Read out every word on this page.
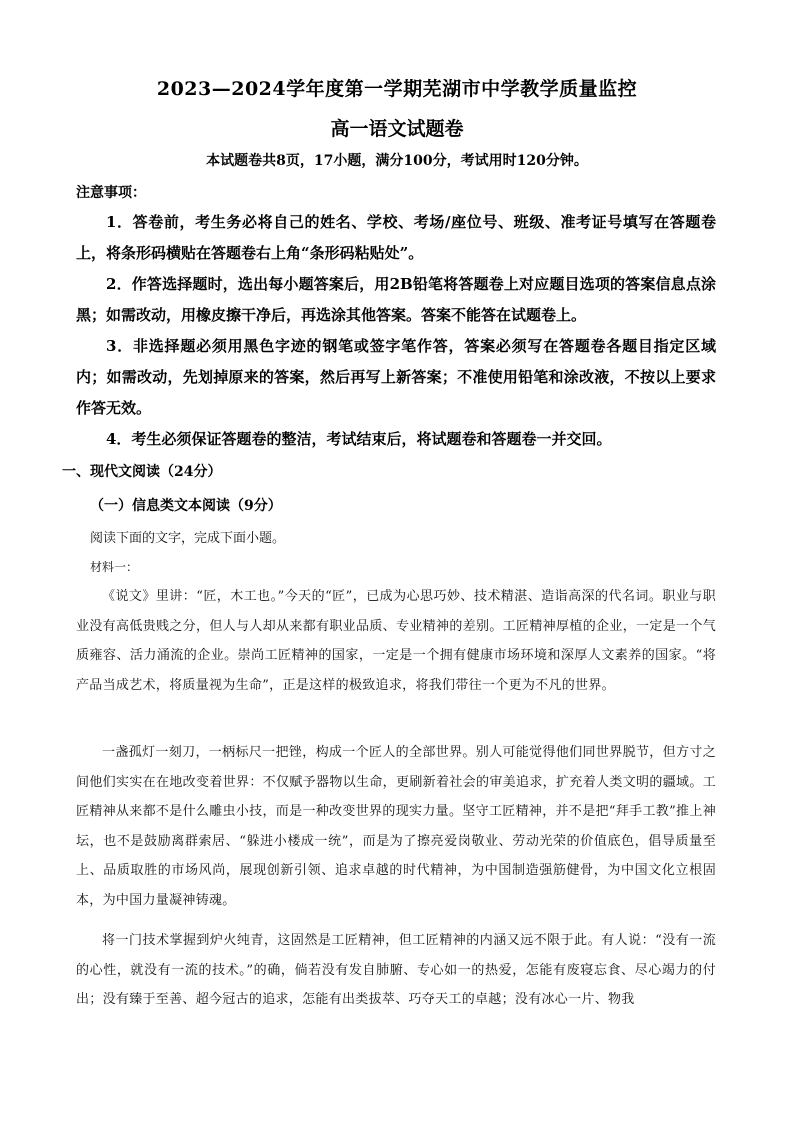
2023—2024学年度第一学期芜湖市中学教学质量监控
高一语文试题卷
本试题卷共8页，17小题，满分100分，考试用时120分钟。
注意事项：
1．答卷前，考生务必将自己的姓名、学校、考场/座位号、班级、准考证号填写在答题卷上，将条形码横贴在答题卷右上角“条形码粘贴处”。
2．作答选择题时，选出每小题答案后，用2B铅笔将答题卷上对应题目选项的答案信息点涂黑；如需改动，用橡皮擦干净后，再选涂其他答案。答案不能答在试题卷上。
3．非选择题必须用黑色字迹的钢笔或签字笔作答，答案必须写在答题卷各题目指定区域内；如需改动，先划掉原来的答案，然后再写上新答案；不准使用铅笔和涂改液，不按以上要求作答无效。
4．考生必须保证答题卷的整洁，考试结束后，将试题卷和答题卷一并交回。
一、现代文阅读（24分）
（一）信息类文本阅读（9分）
阅读下面的文字，完成下面小题。
材料一：
《说文》里讲：“匠，木工也。”今天的“匠”，已成为心思巧妙、技术精湛、造诣高深的代名词。职业与职业没有高低贵贱之分，但人与人却从来都有职业品质、专业精神的差别。工匠精神厚植的企业，一定是一个气质雍容、活力涌流的企业。崇尚工匠精神的国家，一定是一个拥有健康市场环境和深厚人文素养的国家。“将产品当成艺术，将质量视为生命”，正是这样的极致追求，将我们带往一个更为不凡的世界。
一盏孤灯一刻刀，一柄标尺一把锉，构成一个匠人的全部世界。别人可能觉得他们同世界脱节，但方寸之间他们实实在在地改变着世界：不仅赋予器物以生命，更刷新着社会的审美追求，扩充着人类文明的疆域。工匠精神从来都不是什么雕虫小技，而是一种改变世界的现实力量。坚守工匠精神，并不是把“拜手工教”推上神坛，也不是鼓励离群索居、“躲进小楼成一统”，而是为了擦亮爱岗敬业、劳动光荣的价值底色，倡导质量至上、品质取胜的市场风尚，展现创新引领、追求卓越的时代精神，为中国制造强筋健骨，为中国文化立根固本，为中国力量凝神铸魂。
将一门技术掌握到炉火纯青，这固然是工匠精神，但工匠精神的内涵又远不限于此。有人说：“没有一流的心性，就没有一流的技术。”的确，倘若没有发自肺腑、专心如一的热爱，怎能有废寝忘食、尽心竭力的付出；没有臻于至善、超今冠古的追求，怎能有出类拔萃、巧夺天工的卓越；没有冰心一片、物我
